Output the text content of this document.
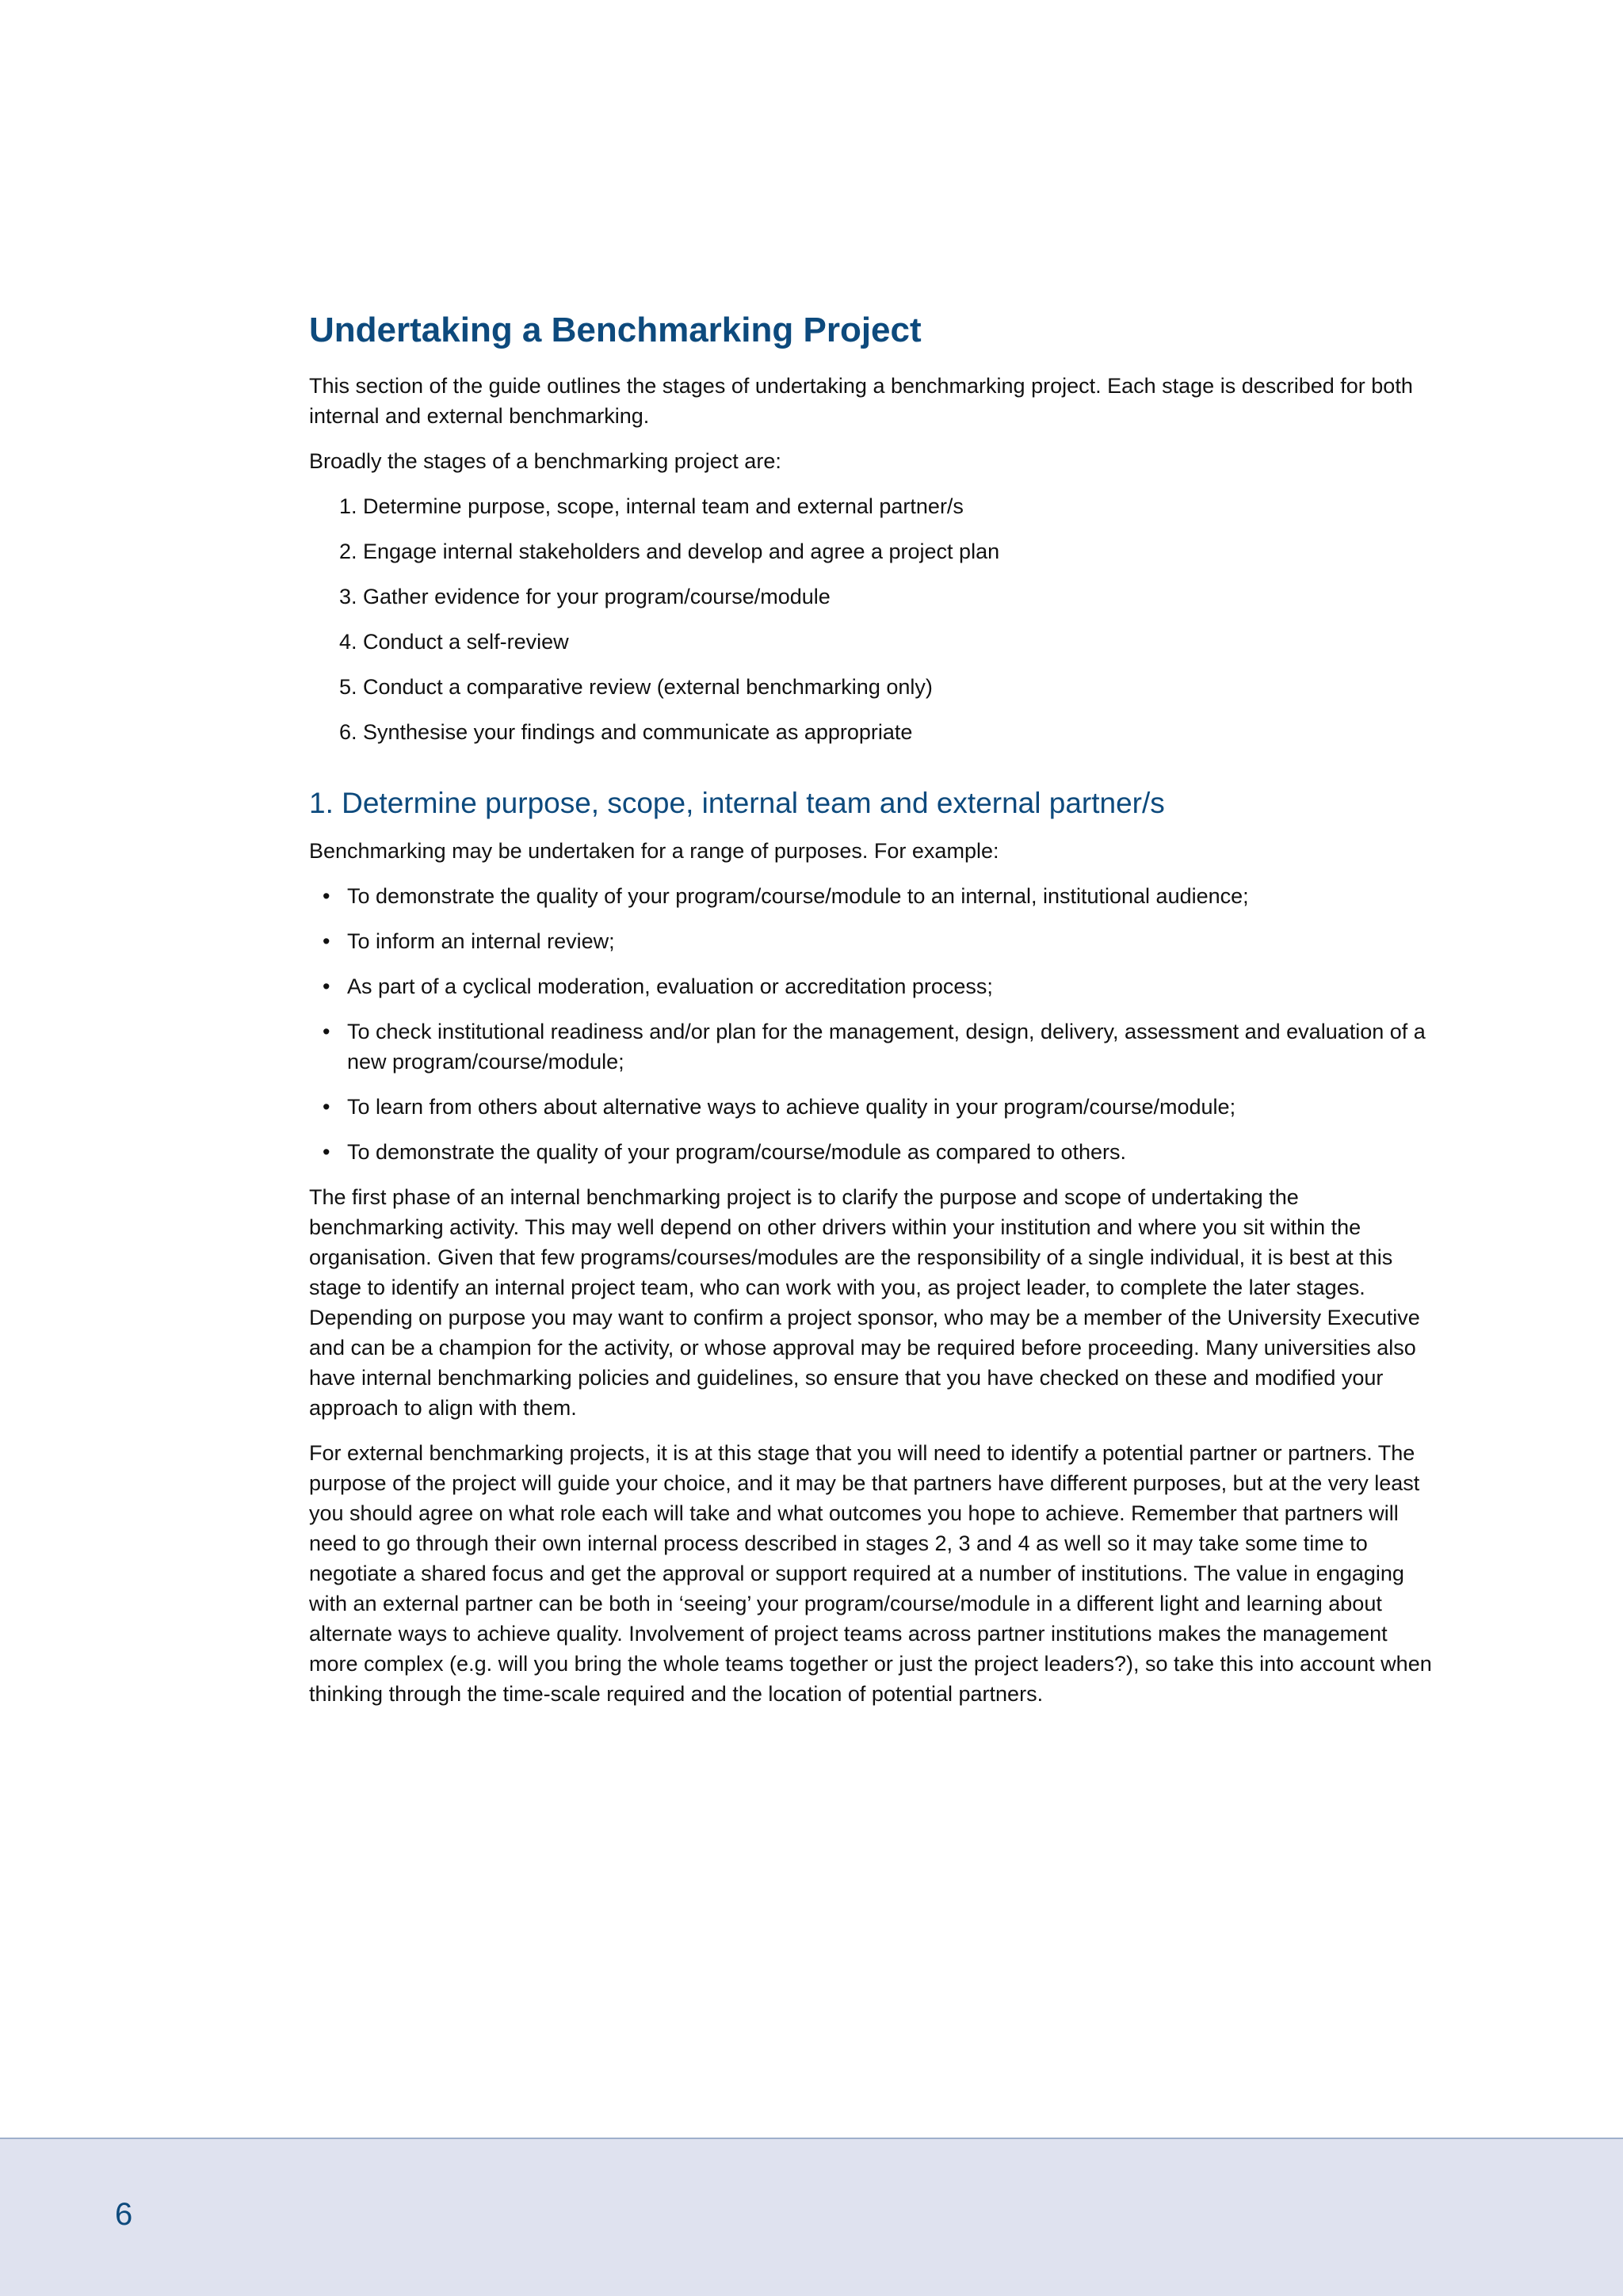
Undertaking a Benchmarking Project

This section of the guide outlines the stages of undertaking a benchmarking project. Each stage is described for both internal and external benchmarking.

Broadly the stages of a benchmarking project are:

1. Determine purpose, scope, internal team and external partner/s
2. Engage internal stakeholders and develop and agree a project plan
3. Gather evidence for your program/course/module
4. Conduct a self-review
5. Conduct a comparative review (external benchmarking only)
6. Synthesise your findings and communicate as appropriate
1. Determine purpose, scope, internal team and external partner/s

Benchmarking may be undertaken for a range of purposes. For example:

• To demonstrate the quality of your program/course/module to an internal, institutional audience;
• To inform an internal review;
• As part of a cyclical moderation, evaluation or accreditation process;
• To check institutional readiness and/or plan for the management, design, delivery, assessment and evaluation of a new program/course/module;
• To learn from others about alternative ways to achieve quality in your program/course/module;
• To demonstrate the quality of your program/course/module as compared to others.

The first phase of an internal benchmarking project is to clarify the purpose and scope of undertaking the benchmarking activity. This may well depend on other drivers within your institution and where you sit within the organisation. Given that few programs/courses/modules are the responsibility of a single individual, it is best at this stage to identify an internal project team, who can work with you, as project leader, to complete the later stages. Depending on purpose you may want to confirm a project sponsor, who may be a member of the University Executive and can be a champion for the activity, or whose approval may be required before proceeding. Many universities also have internal benchmarking policies and guidelines, so ensure that you have checked on these and modified your approach to align with them.

For external benchmarking projects, it is at this stage that you will need to identify a potential partner or partners. The purpose of the project will guide your choice, and it may be that partners have different purposes, but at the very least you should agree on what role each will take and what outcomes you hope to achieve. Remember that partners will need to go through their own internal process described in stages 2, 3 and 4 as well so it may take some time to negotiate a shared focus and get the approval or support required at a number of institutions. The value in engaging with an external partner can be both in ‘seeing’ your program/course/module in a different light and learning about alternate ways to achieve quality. Involvement of project teams across partner institutions makes the management more complex (e.g. will you bring the whole teams together or just the project leaders?), so take this into account when thinking through the time-scale required and the location of potential partners.

6
